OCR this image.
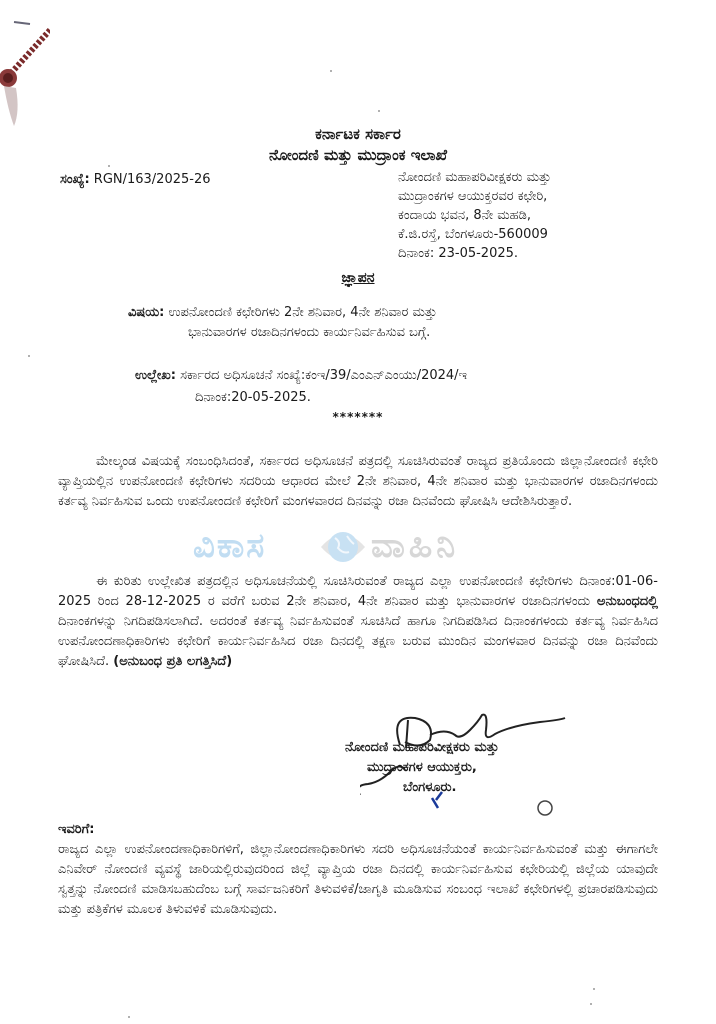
ಕರ್ನಾಟಕ ಸರ್ಕಾರ
ನೋಂದಣಿ ಮತ್ತು ಮುದ್ರಾಂಕ ಇಲಾಖೆ
ಸಂಖ್ಯೆ: RGN/163/2025-26	ನೋಂದಣಿ ಮಹಾಪರಿವೀಕ್ಷಕರು ಮತ್ತು
ಮುದ್ರಾಂಕಗಳ ಆಯುಕ್ತರವರ ಕಛೇರಿ,
ಕಂದಾಯ ಭವನ, 8ನೇ ಮಹಡಿ,
ಕೆ.ಜಿ.ರಸ್ತೆ, ಬೆಂಗಳೂರು-560009
ದಿನಾಂಕ: 23-05-2025.
ಜ್ಞಾಪನ
ವಿಷಯ: ಉಪನೋಂದಣಿ ಕಛೇರಿಗಳು 2ನೇ ಶನಿವಾರ, 4ನೇ ಶನಿವಾರ ಮತ್ತು
ಭಾನುವಾರಗಳ ರಜಾದಿನಗಳಂದು ಕಾರ್ಯನಿರ್ವಹಿಸುವ ಬಗ್ಗೆ.
ಉಲ್ಲೇಖ: ಸರ್ಕಾರದ ಅಧಿಸೂಚನೆ ಸಂಖ್ಯೆ:ಕಂಇ/39/ಎಂಎನ್‌ಎಂಯು/2024/ಇ
ದಿನಾಂಕ:20-05-2025.
*******
ಮೇಲ್ಕಂಡ ವಿಷಯಕ್ಕೆ ಸಂಬಂಧಿಸಿದಂತೆ, ಸರ್ಕಾರದ ಅಧಿಸೂಚನೆ ಪತ್ರದಲ್ಲಿ ಸೂಚಿಸಿರುವಂತೆ ರಾಜ್ಯದ ಪ್ರತಿಯೊಂದು ಜಿಲ್ಲಾನೋಂದಣಿ ಕಛೇರಿ ವ್ಯಾಪ್ತಿಯಲ್ಲಿನ ಉಪನೋಂದಣಿ ಕಛೇರಿಗಳು ಸದರಿಯ ಆಧಾರದ ಮೇಲೆ 2ನೇ ಶನಿವಾರ, 4ನೇ ಶನಿವಾರ ಮತ್ತು ಭಾನುವಾರಗಳ ರಜಾದಿನಗಳಂದು ಕರ್ತವ್ಯ ನಿರ್ವಹಿಸುವ ಒಂದು ಉಪನೋಂದಣಿ ಕಛೇರಿಗೆ ಮಂಗಳವಾರದ ದಿನವನ್ನು ರಜಾ ದಿನವೆಂದು ಘೋಷಿಸಿ ಆದೇಶಿಸಿರುತ್ತಾರೆ.
ವಿಕಾಸ	ವಾಹಿನಿ
ಈ ಕುರಿತು ಉಲ್ಲೇಖಿತ ಪತ್ರದಲ್ಲಿನ ಅಧಿಸೂಚನೆಯಲ್ಲಿ ಸೂಚಿಸಿರುವಂತೆ ರಾಜ್ಯದ ಎಲ್ಲಾ ಉಪನೋಂದಣಿ ಕಛೇರಿಗಳು ದಿನಾಂಕ:01-06-2025 ರಿಂದ 28-12-2025 ರ ವರೆಗೆ ಬರುವ 2ನೇ ಶನಿವಾರ, 4ನೇ ಶನಿವಾರ ಮತ್ತು ಭಾನುವಾರಗಳ ರಜಾದಿನಗಳಂದು ಅನುಬಂಧದಲ್ಲಿ ದಿನಾಂಕಗಳನ್ನು ನಿಗದಿಪಡಿಸಲಾಗಿದೆ. ಅದರಂತೆ ಕರ್ತವ್ಯ ನಿರ್ವಹಿಸುವಂತೆ ಸೂಚಿಸಿದೆ ಹಾಗೂ ನಿಗದಿಪಡಿಸಿದ ದಿನಾಂಕಗಳಂದು ಕರ್ತವ್ಯ ನಿರ್ವಹಿಸಿದ ಉಪನೋಂದಣಾಧಿಕಾರಿಗಳು ಕಛೇರಿಗೆ ಕಾರ್ಯನಿರ್ವಹಿಸಿದ ರಜಾ ದಿನದಲ್ಲಿ ತಕ್ಷಣ ಬರುವ ಮುಂದಿನ ಮಂಗಳವಾರ ದಿನವನ್ನು ರಜಾ ದಿನವೆಂದು ಘೋಷಿಸಿದೆ. (ಅನುಬಂಧ ಪ್ರತಿ ಲಗತ್ತಿಸಿದೆ)
ನೋಂದಣಿ ಮಹಾಪರಿವೀಕ್ಷಕರು ಮತ್ತು
ಮುದ್ರಾಂಕಗಳ ಆಯುಕ್ತರು,
ಬೆಂಗಳೂರು.
ಇವರಿಗೆ:
ರಾಜ್ಯದ ಎಲ್ಲಾ ಉಪನೋಂದಣಾಧಿಕಾರಿಗಳಿಗೆ, ಜಿಲ್ಲಾನೋಂದಣಾಧಿಕಾರಿಗಳು ಸದರಿ ಅಧಿಸೂಚನೆಯಂತೆ ಕಾರ್ಯನಿರ್ವಹಿಸುವಂತೆ ಮತ್ತು ಈಗಾಗಲೇ ಎನಿವೇರ್ ನೋಂದಣಿ ವ್ಯವಸ್ಥೆ ಜಾರಿಯಲ್ಲಿರುವುದರಿಂದ ಜಿಲ್ಲೆ ವ್ಯಾಪ್ತಿಯ ರಜಾ ದಿನದಲ್ಲಿ ಕಾರ್ಯನಿರ್ವಹಿಸುವ ಕಛೇರಿಯಲ್ಲಿ ಜಿಲ್ಲೆಯ ಯಾವುದೇ ಸ್ವತ್ತನ್ನು ನೋಂದಣಿ ಮಾಡಿಸಬಹುದೆಂಬ ಬಗ್ಗೆ ಸಾರ್ವಜನಿಕರಿಗೆ ತಿಳುವಳಿಕೆ/ಜಾಗೃತಿ ಮೂಡಿಸುವ ಸಂಬಂಧ ಇಲಾಖೆ ಕಛೇರಿಗಳಲ್ಲಿ ಪ್ರಚಾರಪಡಿಸುವುದು ಮತ್ತು ಪತ್ರಿಕೆಗಳ ಮೂಲಕ ತಿಳುವಳಿಕೆ ಮೂಡಿಸುವುದು.
